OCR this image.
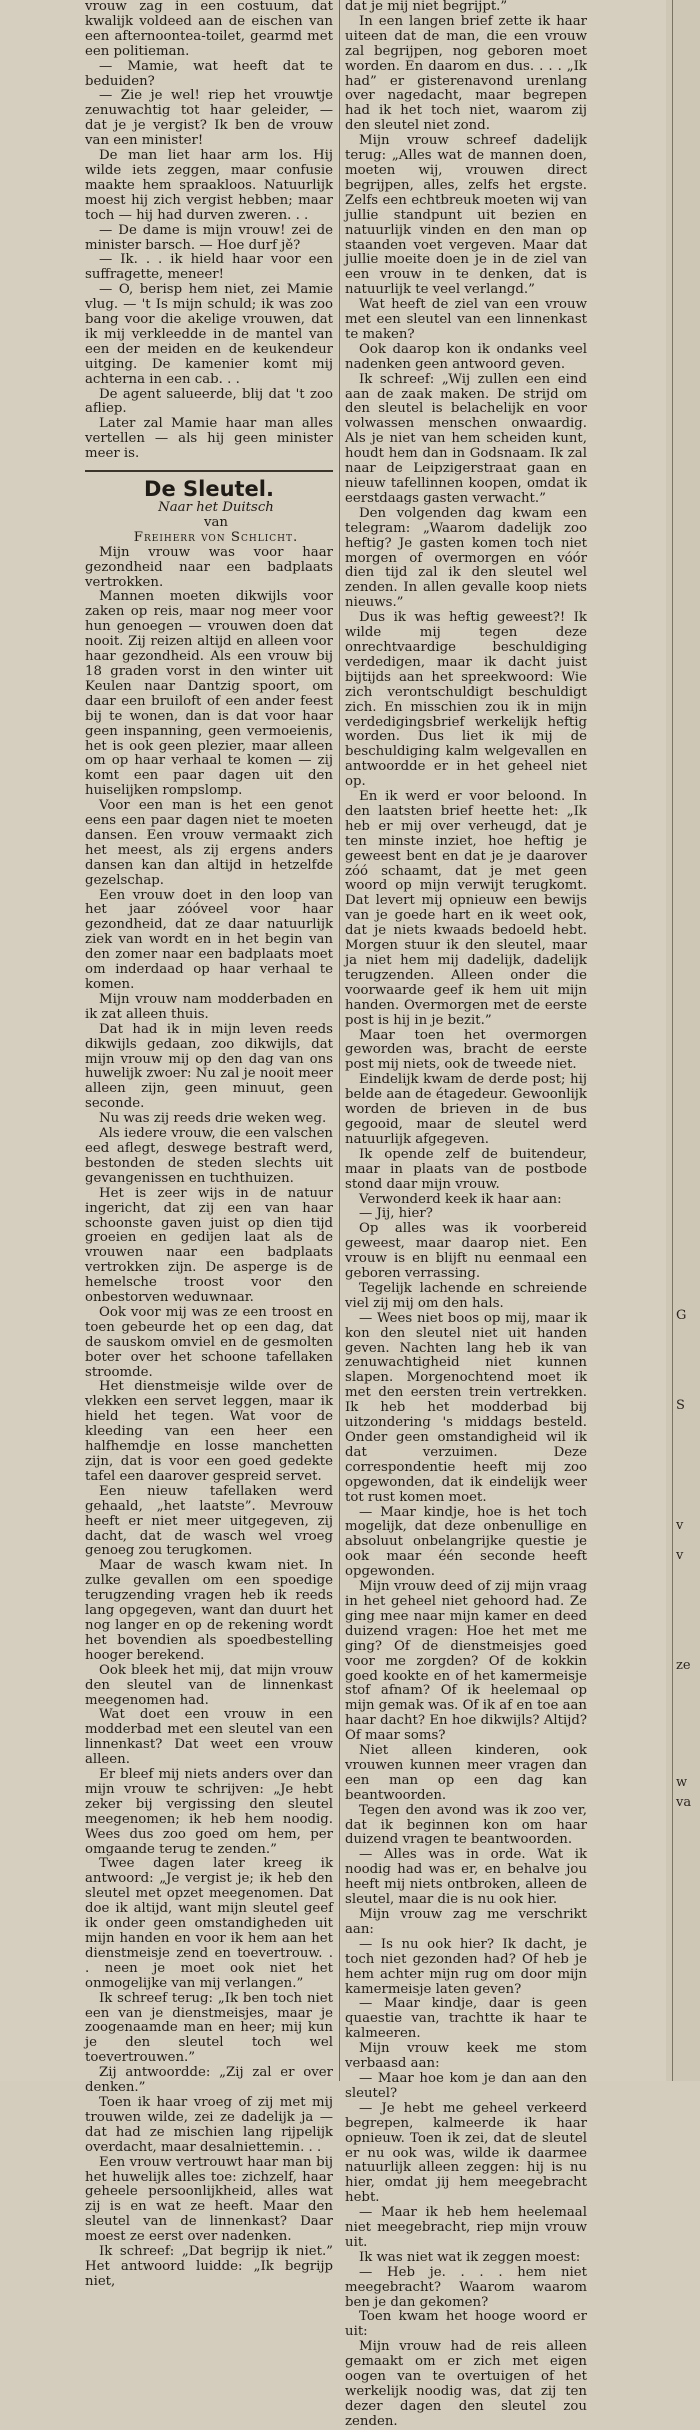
vrouw zag in een costuum, dat kwalijk voldeed aan de eischen van een afternoontea-toilet, gearmd met een politieman.

— Mamie, wat heeft dat te beduiden?

— Zie je wel! riep het vrouwtje zenuwachtig tot haar geleider, — dat je je vergist? Ik ben de vrouw van een minister!

De man liet haar arm los. Hij wilde iets zeggen, maar confusie maakte hem spraakloos. Natuurlijk moest hij zich vergist hebben; maar toch — hij had durven zweren. . .

— De dame is mijn vrouw! zei de minister barsch. — Hoe durf jě?

— Ik. . . ik hield haar voor een suffragette, meneer!

— O, berisp hem niet, zei Mamie vlug. — 't Is mijn schuld; ik was zoo bang voor die akelige vrouwen, dat ik mij verkleedde in de mantel van een der meiden en de keukendeur uitging. De kamenier komt mij achterna in een cab. . .

De agent salueerde, blij dat 't zoo afliep.

Later zal Mamie haar man alles vertellen — als hij geen minister meer is.

De Sleutel.

Naar het Duitsch

van

Freiherr von Schlicht.

Mijn vrouw was voor haar gezondheid naar een badplaats vertrokken.

Mannen moeten dikwijls voor zaken op reis, maar nog meer voor hun genoegen — vrouwen doen dat nooit. Zij reizen altijd en alleen voor haar gezondheid. Als een vrouw bij 18 graden vorst in den winter uit Keulen naar Dantzig spoort, om daar een bruiloft of een ander feest bij te wonen, dan is dat voor haar geen inspanning, geen vermoeienis, het is ook geen plezier, maar alleen om op haar verhaal te komen — zij komt een paar dagen uit den huiselijken rompslomp.

Voor een man is het een genot eens een paar dagen niet te moeten dansen. Een vrouw vermaakt zich het meest, als zij ergens anders dansen kan dan altijd in hetzelfde gezelschap.

Een vrouw doet in den loop van het jaar zóóveel voor haar gezondheid, dat ze daar natuurlijk ziek van wordt en in het begin van den zomer naar een badplaats moet om inderdaad op haar verhaal te komen.

Mijn vrouw nam modderbaden en ik zat alleen thuis.

Dat had ik in mijn leven reeds dikwijls gedaan, zoo dikwijls, dat mijn vrouw mij op den dag van ons huwelijk zwoer: Nu zal je nooit meer alleen zijn, geen minuut, geen seconde.

Nu was zij reeds drie weken weg.

Als iedere vrouw, die een valschen eed aflegt, deswege bestraft werd, bestonden de steden slechts uit gevangenissen en tuchthuizen.

Het is zeer wijs in de natuur ingericht, dat zij een van haar schoonste gaven juist op dien tijd groeien en gedijen laat als de vrouwen naar een badplaats vertrokken zijn. De asperge is de hemelsche troost voor den onbestorven weduwnaar.

Ook voor mij was ze een troost en toen gebeurde het op een dag, dat de sauskom omviel en de gesmolten boter over het schoone tafellaken stroomde.

Het dienstmeisje wilde over de vlekken een servet leggen, maar ik hield het tegen. Wat voor de kleeding van een heer een halfhemdje en losse manchetten zijn, dat is voor een goed gedekte tafel een daarover gespreid servet.

Een nieuw tafellaken werd gehaald, „het laatste”. Mevrouw heeft er niet meer uitgegeven, zij dacht, dat de wasch wel vroeg genoeg zou terugkomen.

Maar de wasch kwam niet. In zulke gevallen om een spoedige terugzending vragen heb ik reeds lang opgegeven, want dan duurt het nog langer en op de rekening wordt het bovendien als spoedbestelling hooger berekend.

Ook bleek het mij, dat mijn vrouw den sleutel van de linnenkast meegenomen had.

Wat doet een vrouw in een modderbad met een sleutel van een linnenkast? Dat weet een vrouw alleen.

Er bleef mij niets anders over dan mijn vrouw te schrijven: „Je hebt zeker bij vergissing den sleutel meegenomen; ik heb hem noodig. Wees dus zoo goed om hem, per omgaande terug te zenden.”

Twee dagen later kreeg ik antwoord: „Je vergist je; ik heb den sleutel met opzet meegenomen. Dat doe ik altijd, want mijn sleutel geef ik onder geen omstandigheden uit mijn handen en voor ik hem aan het dienstmeisje zend en toevertrouw. . . neen je moet ook niet het onmogelijke van mij verlangen.”

Ik schreef terug: „Ik ben toch niet een van je dienstmeisjes, maar je zoogenaamde man en heer; mij kun je den sleutel toch wel toevertrouwen.”

Zij antwoordde: „Zij zal er over denken.”

Toen ik haar vroeg of zij met mij trouwen wilde, zei ze dadelijk ja — dat had ze mischien lang rijpelijk overdacht, maar desalniettemin. . .

Een vrouw vertrouwt haar man bij het huwelijk alles toe: zichzelf, haar geheele persoonlijkheid, alles wat zij is en wat ze heeft. Maar den sleutel van de linnenkast? Daar moest ze eerst over nadenken.

Ik schreef: „Dat begrijp ik niet.” Het antwoord luidde: „Ik begrijp niet,

dat je mij niet begrijpt.”

In een langen brief zette ik haar uiteen dat de man, die een vrouw zal begrijpen, nog geboren moet worden. En daarom en dus. . . . „Ik had” er gisterenavond urenlang over nagedacht, maar begrepen had ik het toch niet, waarom zij den sleutel niet zond.

Mijn vrouw schreef dadelijk terug: „Alles wat de mannen doen, moeten wij, vrouwen direct begrijpen, alles, zelfs het ergste. Zelfs een echtbreuk moeten wij van jullie standpunt uit bezien en natuurlijk vinden en den man op staanden voet vergeven. Maar dat jullie moeite doen je in de ziel van een vrouw in te denken, dat is natuurlijk te veel verlangd.”

Wat heeft de ziel van een vrouw met een sleutel van een linnenkast te maken?

Ook daarop kon ik ondanks veel nadenken geen antwoord geven.

Ik schreef: „Wij zullen een eind aan de zaak maken. De strijd om den sleutel is belachelijk en voor volwassen menschen onwaardig. Als je niet van hem scheiden kunt, houdt hem dan in Godsnaam. Ik zal naar de Leipzigerstraat gaan en nieuw tafellinnen koopen, omdat ik eerstdaags gasten verwacht.”

Den volgenden dag kwam een telegram: „Waarom dadelijk zoo heftig? Je gasten komen toch niet morgen of overmorgen en vóór dien tijd zal ik den sleutel wel zenden. In allen gevalle koop niets nieuws.”

Dus ik was heftig geweest?! Ik wilde mij tegen deze onrechtvaardige beschuldiging verdedigen, maar ik dacht juist bijtijds aan het spreekwoord: Wie zich verontschuldigt beschuldigt zich. En misschien zou ik in mijn verdedigingsbrief werkelijk heftig worden. Dus liet ik mij de beschuldiging kalm welgevallen en antwoordde er in het geheel niet op.

En ik werd er voor beloond. In den laatsten brief heette het: „Ik heb er mij over verheugd, dat je ten minste inziet, hoe heftig je geweest bent en dat je je daarover zóó schaamt, dat je met geen woord op mijn verwijt terugkomt. Dat levert mij opnieuw een bewijs van je goede hart en ik weet ook, dat je niets kwaads bedoeld hebt. Morgen stuur ik den sleutel, maar ja niet hem mij dadelijk, dadelijk terugzenden. Alleen onder die voorwaarde geef ik hem uit mijn handen. Overmorgen met de eerste post is hij in je bezit.”

Maar toen het overmorgen geworden was, bracht de eerste post mij niets, ook de tweede niet.

Eindelijk kwam de derde post; hij belde aan de étagedeur. Gewoonlijk worden de brieven in de bus gegooid, maar de sleutel werd natuurlijk afgegeven.

Ik opende zelf de buitendeur, maar in plaats van de postbode stond daar mijn vrouw.

Verwonderd keek ik haar aan:

— Jij, hier?

Op alles was ik voorbereid geweest, maar daarop niet. Een vrouw is en blijft nu eenmaal een geboren verrassing.

Tegelijk lachende en schreiende viel zij mij om den hals.

— Wees niet boos op mij, maar ik kon den sleutel niet uit handen geven. Nachten lang heb ik van zenuwachtigheid niet kunnen slapen. Morgenochtend moet ik met den eersten trein vertrekken. Ik heb het modderbad bij uitzondering 's middags besteld. Onder geen omstandigheid wil ik dat verzuimen. Deze correspondentie heeft mij zoo opgewonden, dat ik eindelijk weer tot rust komen moet.

— Maar kindje, hoe is het toch mogelijk, dat deze onbenullige en absoluut onbelangrijke questie je ook maar één seconde heeft opgewonden.

Mijn vrouw deed of zij mijn vraag in het geheel niet gehoord had. Ze ging mee naar mijn kamer en deed duizend vragen: Hoe het met me ging? Of de dienstmeisjes goed voor me zorgden? Of de kokkin goed kookte en of het kamermeisje stof afnam? Of ik heelemaal op mijn gemak was. Of ik af en toe aan haar dacht? En hoe dikwijls? Altijd? Of maar soms?

Niet alleen kinderen, ook vrouwen kunnen meer vragen dan een man op een dag kan beantwoorden.

Tegen den avond was ik zoo ver, dat ik beginnen kon om haar duizend vragen te beantwoorden.

— Alles was in orde. Wat ik noodig had was er, en behalve jou heeft mij niets ontbroken, alleen de sleutel, maar die is nu ook hier.

Mijn vrouw zag me verschrikt aan:

— Is nu ook hier? Ik dacht, je toch niet gezonden had? Of heb je hem achter mijn rug om door mijn kamermeisje laten geven?

— Maar kindje, daar is geen quaestie van, trachtte ik haar te kalmeeren.

Mijn vrouw keek me stom verbaasd aan:

— Maar hoe kom je dan aan den sleutel?

— Je hebt me geheel verkeerd begrepen, kalmeerde ik haar opnieuw. Toen ik zei, dat de sleutel er nu ook was, wilde ik daarmee natuurlijk alleen zeggen: hij is nu hier, omdat jij hem meegebracht hebt.

— Maar ik heb hem heelemaal niet meegebracht, riep mijn vrouw uit.

Ik was niet wat ik zeggen moest:

— Heb je. . . . hem niet meegebracht? Waarom waarom ben je dan gekomen?

Toen kwam het hooge woord er uit:

Mijn vrouw had de reis alleen gemaakt om er zich met eigen oogen van te overtuigen of het werkelijk noodig was, dat zij ten dezer dagen den sleutel zou zenden.

G
S
v
v
ze
w
va
